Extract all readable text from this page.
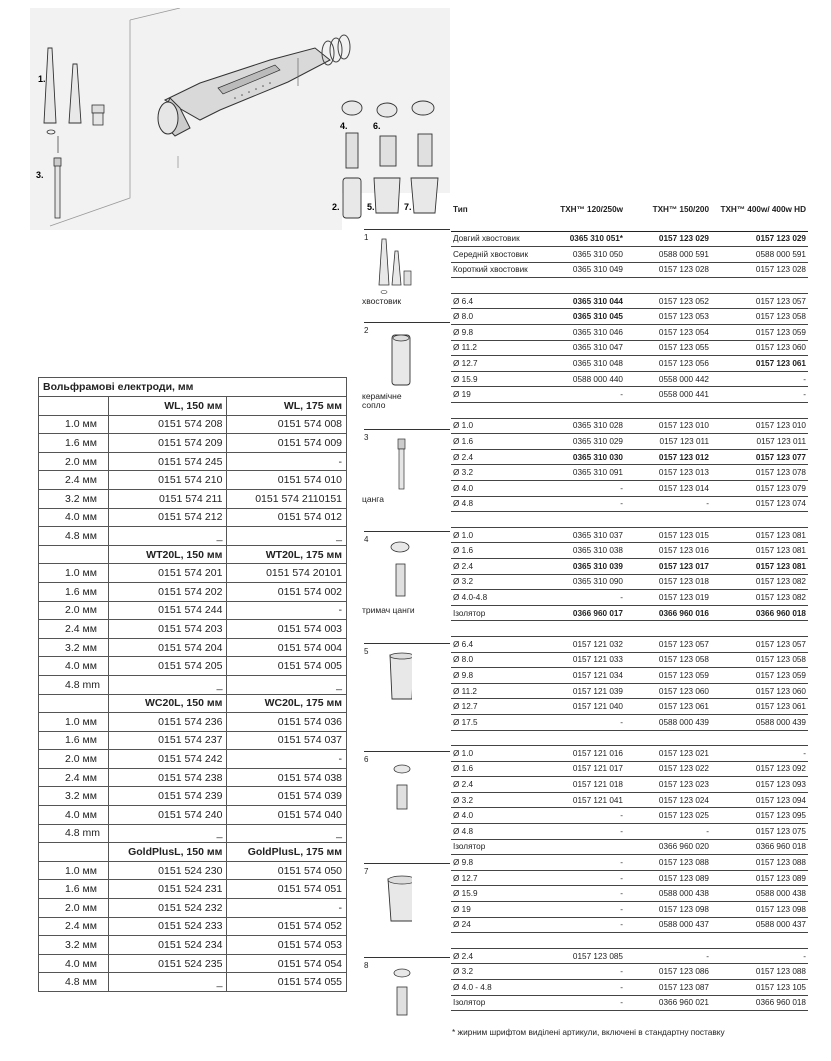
1.
3.
4.	6.
2.	5.	7.
Вольфрамові електроди, мм		
	WL, 150 мм	WL, 175 мм
1.0 мм	0151 574 208	0151 574 008
1.6 мм	0151 574 209	0151 574 009
2.0 мм	0151 574 245	-
2.4 мм	0151 574 210	0151 574 010
3.2 мм	0151 574 211	0151 574 2110151
4.0 мм	0151 574 212	0151 574 012
4.8 мм	_	_
	WT20L, 150 мм	WT20L, 175 мм
1.0 мм	0151 574 201	0151 574 20101
1.6 мм	0151 574 202	0151 574 002
2.0 мм	0151 574 244	-
2.4 мм	0151 574 203	0151 574 003
3.2 мм	0151 574 204	0151 574 004
4.0 мм	0151 574 205	0151 574 005
4.8 mm	_	_
	WC20L, 150 мм	WC20L, 175 мм
1.0 мм	0151 574 236	0151 574 036
1.6 мм	0151 574 237	0151 574 037
2.0 мм	0151 574 242	-
2.4 мм	0151 574 238	0151 574 038
3.2 мм	0151 574 239	0151 574 039
4.0 мм	0151 574 240	0151 574 040
4.8 mm	_	_
	GoldPlusL, 150 мм	GoldPlusL, 175 мм
1.0 мм	0151 524 230	0151 574 050
1.6 мм	0151 524 231	0151 574 051
2.0 мм	0151 524 232	-
2.4 мм	0151 524 233	0151 574 052
3.2 мм	0151 524 234	0151 574 053
4.0 мм	0151 524 235	0151 574 054
4.8 мм	_	0151 574 055
1
хвостовик
2
керамічне сопло
3
цанга
4
тримач цанги
5
6
7
8
Тип	TXH™ 120/250w	TXH™ 150/200	TXH™ 400w/ 400w HD
Довгий хвостовик	0365 310 051*	0157 123 029	0157 123 029
Середній хвостовик	0365 310 050	0588 000 591	0588 000 591
Короткий хвостовик	0365 310 049	0157 123 028	0157 123 028

Ø 6.4	0365 310 044	0157 123 052	0157 123 057
Ø 8.0	0365 310 045	0157 123 053	0157 123 058
Ø 9.8	0365 310 046	0157 123 054	0157 123 059
Ø 11.2	0365 310 047	0157 123 055	0157 123 060
Ø 12.7	0365 310 048	0157 123 056	0157 123 061
Ø 15.9	0588 000 440	0558 000 442	-
Ø 19	-	0558 000 441	-

Ø 1.0	0365 310 028	0157 123 010	0157 123 010
Ø 1.6	0365 310 029	0157 123 011	0157 123 011
Ø 2.4	0365 310 030	0157 123 012	0157 123 077
Ø 3.2	0365 310 091	0157 123 013	0157 123 078
Ø 4.0	-	0157 123 014	0157 123 079
Ø 4.8	-	-	0157 123 074

Ø 1.0	0365 310 037	0157 123 015	0157 123 081
Ø 1.6	0365 310 038	0157 123 016	0157 123 081
Ø 2.4	0365 310 039	0157 123 017	0157 123 081
Ø 3.2	0365 310 090	0157 123 018	0157 123 082
Ø 4.0-4.8	-	0157 123 019	0157 123 082
Ізолятор	0366 960 017	0366 960 016	0366 960 018

Ø 6.4	0157 121 032	0157 123 057	0157 123 057
Ø 8.0	0157 121 033	0157 123 058	0157 123 058
Ø 9.8	0157 121 034	0157 123 059	0157 123 059
Ø 11.2	0157 121 039	0157 123 060	0157 123 060
Ø 12.7	0157 121 040	0157 123 061	0157 123 061
Ø 17.5	-	0588 000 439	0588 000 439

Ø 1.0	0157 121 016	0157 123 021	-
Ø 1.6	0157 121 017	0157 123 022	0157 123 092
Ø 2.4	0157 121 018	0157 123 023	0157 123 093
Ø 3.2	0157 121 041	0157 123 024	0157 123 094
Ø 4.0	-	0157 123 025	0157 123 095
Ø 4.8	-	-	0157 123 075
Ізолятор		0366 960 020	0366 960 018
Ø 9.8	-	0157 123 088	0157 123 088
Ø 12.7	-	0157 123 089	0157 123 089
Ø 15.9	-	0588 000 438	0588 000 438
Ø 19	-	0157 123 098	0157 123 098
Ø 24	-	0588 000 437	0588 000 437

Ø 2.4	0157 123 085	-	-
Ø 3.2	-	0157 123 086	0157 123 088
Ø 4.0 - 4.8	-	0157 123 087	0157 123 105
Ізолятор	-	0366 960 021	0366 960 018
* жирним шрифтом виділені артикули, включені в стандартну поставку
